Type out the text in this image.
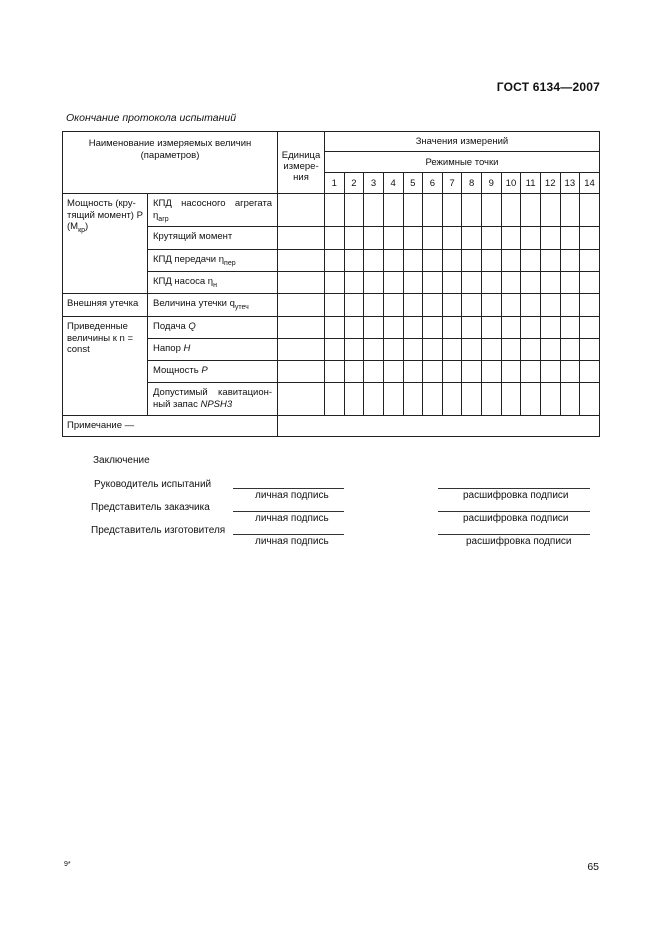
ГОСТ 6134—2007
Окончание протокола испытаний
Наименование измеряемых величин (параметров)		Единица измере-ния	Значения измерений													
			Режимные точки													
			1	2	3	4	5	6	7	8	9	10	11	12	13	14
Мощность (кру-тящий момент) Р $(М_{кр})$	КПД насосного агрегата $\eta_{агр}$															
	Крутящий момент															
	КПД передачи $\eta_{пер}$															
	КПД насоса $\eta_н$															
Внешняя утечка	Величина утечки $q_{утеч}$															
Приведенные величины к n = const	Подача Q															
	Напор H															
	Мощность P															
	Допустимый кавитацион-ный запас NPSH3															
Примечание —																
Заключение
Руководитель испытаний
личная подпись	расшифровка подписи
Представитель заказчика
личная подпись	расшифровка подписи
Представитель изготовителя
личная подпись	расшифровка подписи
9*	65
